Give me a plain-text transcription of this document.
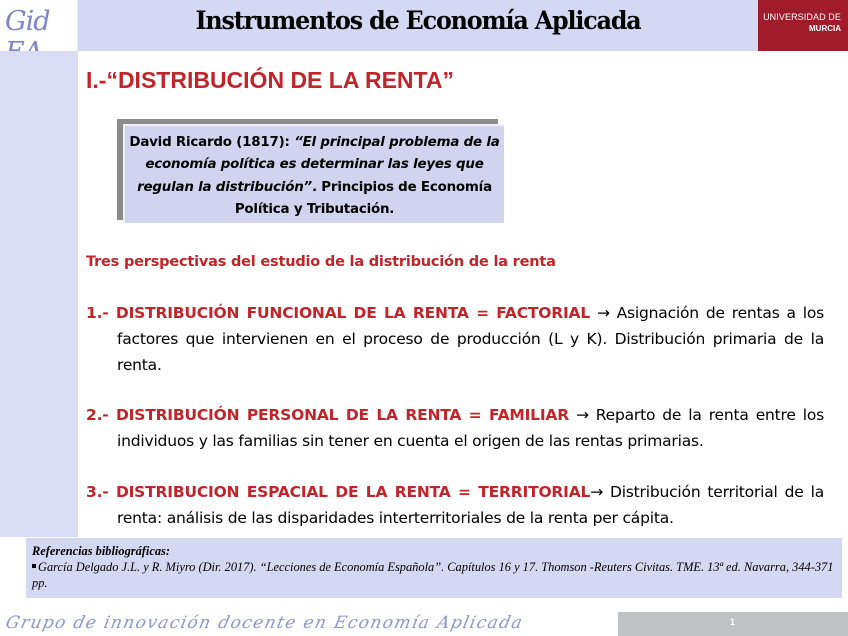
Gid	Instrumentos de Economía Aplicada	UNIVERSIDAD DE
MURCIA
I.-“DISTRIBUCIÓN DE LA RENTA”
David Ricardo (1817): “El principal problema de la economía política es determinar las leyes que regulan la distribución”. Principios de Economía Política y Tributación.
Tres perspectivas del estudio de la distribución de la renta
1.- DISTRIBUCIÓN FUNCIONAL DE LA RENTA = FACTORIAL → Asignación de rentas a los factores que intervienen en el proceso de producción (L y K). Distribución primaria de la renta.
2.- DISTRIBUCIÓN PERSONAL DE LA RENTA = FAMILIAR → Reparto de la renta entre los individuos y las familias sin tener en cuenta el origen de las rentas primarias.
3.- DISTRIBUCION ESPACIAL DE LA RENTA = TERRITORIAL→ Distribución territorial de la renta: análisis de las disparidades interterritoriales de la renta per cápita.
Referencias bibliográficas:
García Delgado J.L. y R. Miyro (Dir. 2017). “Lecciones de Economía Española”. Capítulos 16 y 17. Thomson -Reuters Civitas. TME. 13ª ed. Navarra, 344-371 pp.
Grupo de innovación docente en Economía Aplicada	1
